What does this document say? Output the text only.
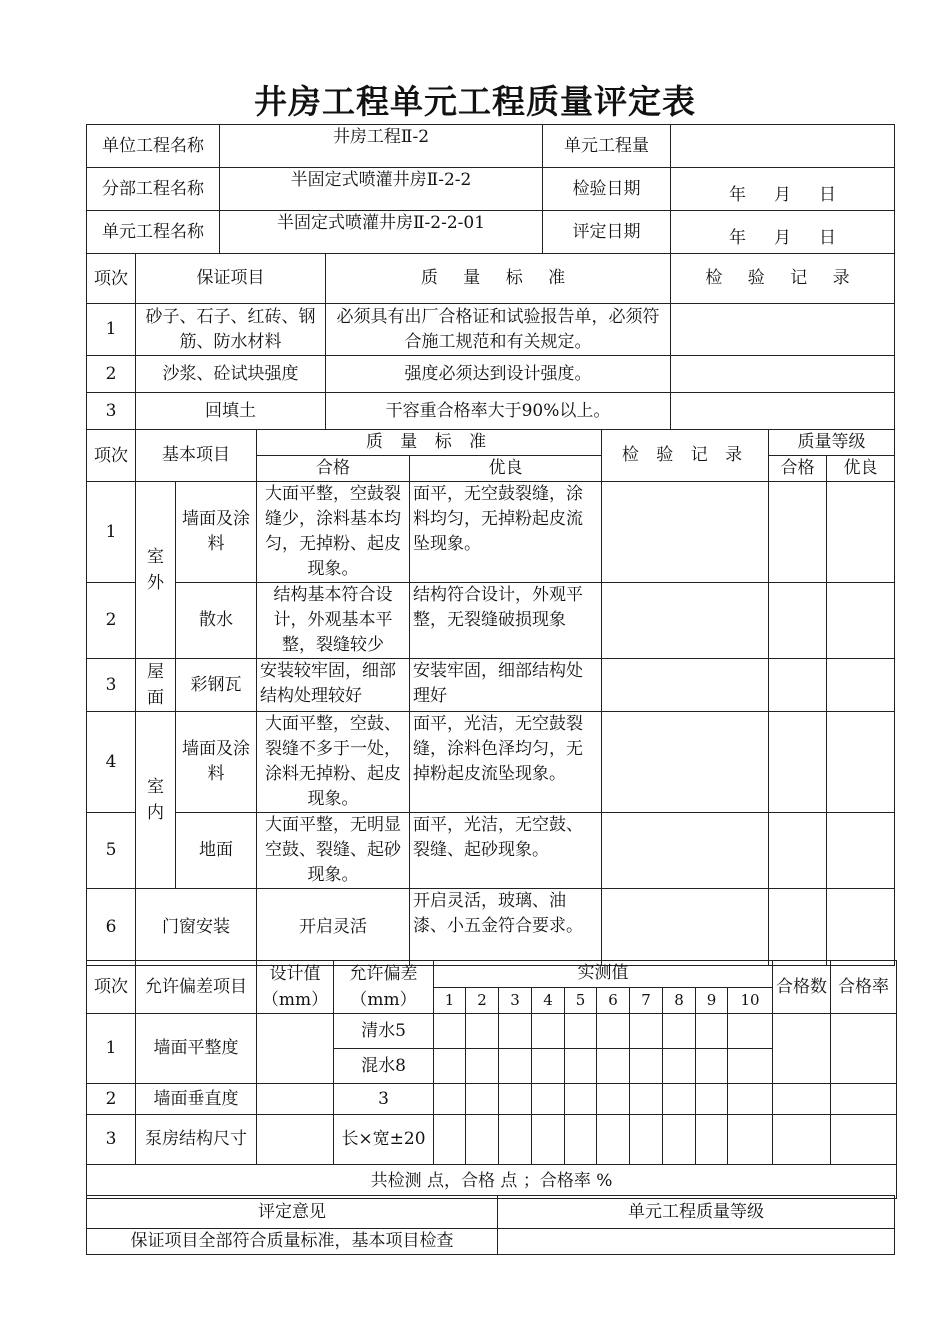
井房工程单元工程质量评定表
单位工程名称	井房工程Ⅱ-2	单元工程量	
分部工程名称	半固定式喷灌井房Ⅱ-2-2	检验日期	年 月 日
单元工程名称	半固定式喷灌井房Ⅱ-2-2-01	评定日期	年 月 日
项次	保证项目	质 量 标 准	检 验 记 录
1	砂子、石子、红砖、钢筋、防水材料	必须具有出厂合格证和试验报告单，必须符合施工规范和有关规定。	
2	沙浆、砼试块强度	强度必须达到设计强度。	
3	回填土	干容重合格率大于90%以上。	
项次	基本项目		质 量 标 准		检 验 记 录	质量等级	
			合格	优良		合格	优良
1	室外	墙面及涂料	大面平整，空鼓裂缝少，涂料基本均匀，无掉粉、起皮现象。	面平，无空鼓裂缝，涂料均匀，无掉粉起皮流坠现象。			
2		散水	结构基本符合设计，外观基本平整，裂缝较少	结构符合设计，外观平整，无裂缝破损现象			
3	屋面	彩钢瓦	安装较牢固，细部结构处理较好	安装牢固，细部结构处理好			
4	室内	墙面及涂料	大面平整，空鼓、裂缝不多于一处，涂料无掉粉、起皮现象。	面平，光洁，无空鼓裂缝，涂料色泽均匀，无掉粉起皮流坠现象。			
5		地面	大面平整，无明显空鼓、裂缝、起砂现象。	面平，光洁，无空鼓、裂缝、起砂现象。			
6	门窗安装		开启灵活	开启灵活，玻璃、油漆、小五金符合要求。			
项次	允许偏差项目	设计值（mm）	允许偏差（mm）	实测值										合格数	合格率
				1	2	3	4	5	6	7	8	9	10		
1	墙面平整度		清水5												
			混水8												
2	墙面垂直度		3												
3	泵房结构尺寸		长×宽±20												
共检测 点，合格 点 ；合格率 %															
评定意见	单元工程质量等级
保证项目全部符合质量标准，基本项目检查	
